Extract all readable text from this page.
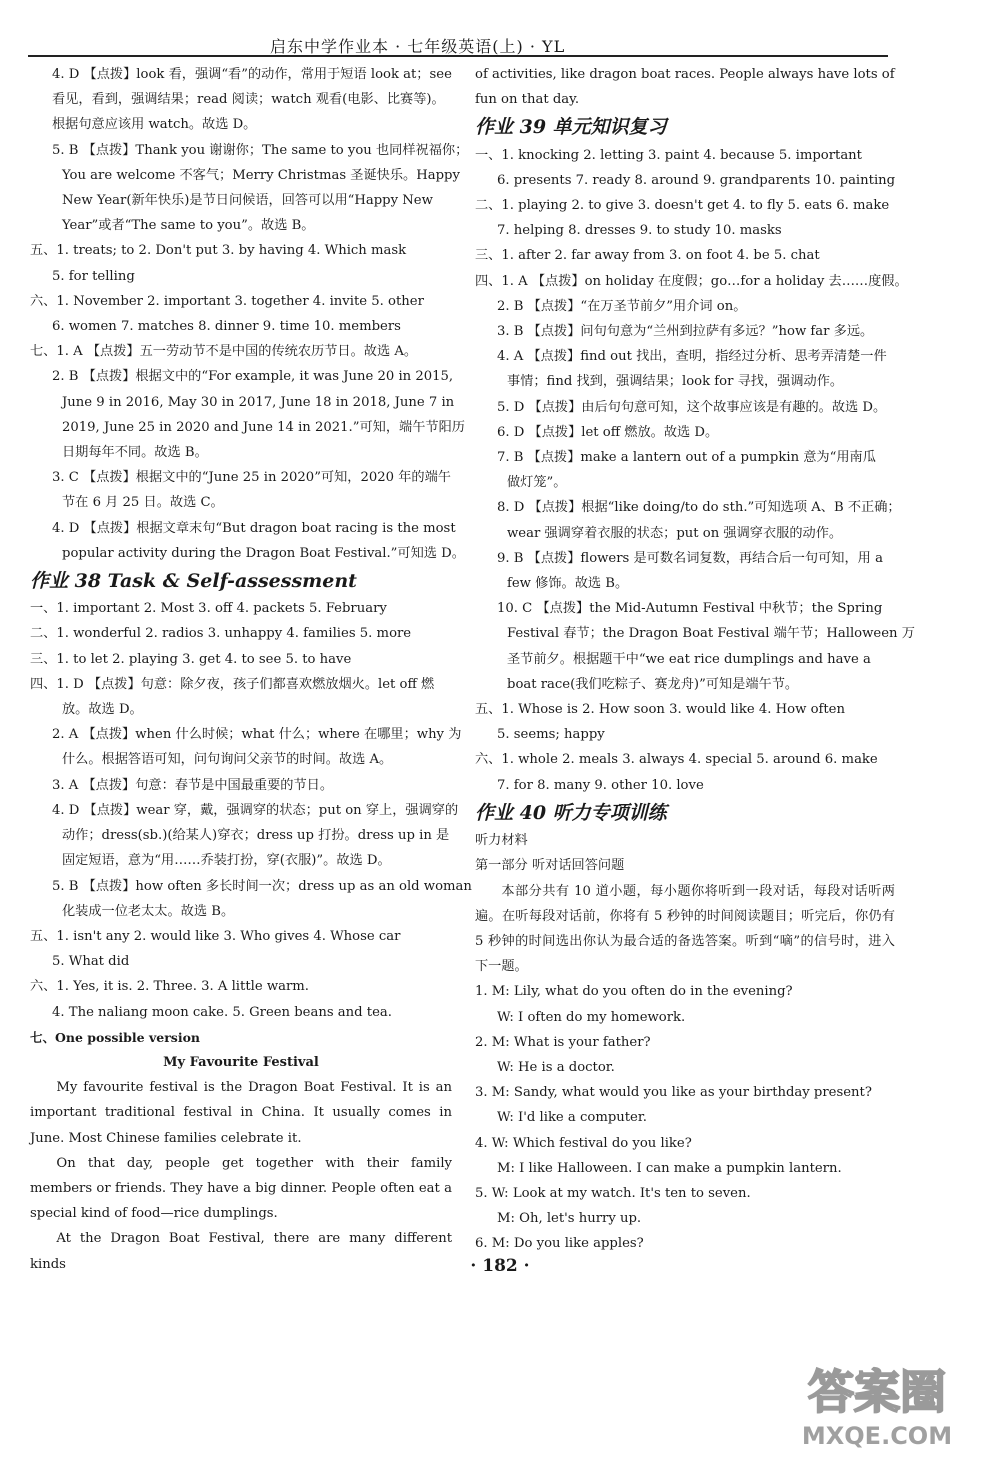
启东中学作业本 · 七年级英语(上) · YL
4. D 【点拨】look 看，强调“看”的动作，常用于短语 look at；see
看见，看到，强调结果；read 阅读；watch 观看(电影、比赛等)。
根据句意应该用 watch。故选 D。
5. B 【点拨】Thank you 谢谢你；The same to you 也同样祝福你；
You are welcome 不客气；Merry Christmas 圣诞快乐。Happy
New Year(新年快乐)是节日问候语，回答可以用“Happy New
Year”或者“The same to you”。故选 B。
五、1. treats; to 2. Don't put 3. by having 4. Which mask
5. for telling
六、1. November 2. important 3. together 4. invite 5. other
6. women 7. matches 8. dinner 9. time 10. members
七、1. A 【点拨】五一劳动节不是中国的传统农历节日。故选 A。
2. B 【点拨】根据文中的“For example, it was June 20 in 2015,
June 9 in 2016, May 30 in 2017, June 18 in 2018, June 7 in
2019, June 25 in 2020 and June 14 in 2021.”可知，端午节阳历
日期每年不同。故选 B。
3. C 【点拨】根据文中的“June 25 in 2020”可知，2020 年的端午
节在 6 月 25 日。故选 C。
4. D 【点拨】根据文章末句“But dragon boat racing is the most
popular activity during the Dragon Boat Festival.”可知选 D。
作业 38 Task & Self-assessment
一、1. important 2. Most 3. off 4. packets 5. February
二、1. wonderful 2. radios 3. unhappy 4. families 5. more
三、1. to let 2. playing 3. get 4. to see 5. to have
四、1. D 【点拨】句意：除夕夜，孩子们都喜欢燃放烟火。let off 燃
放。故选 D。
2. A 【点拨】when 什么时候；what 什么；where 在哪里；why 为
什么。根据答语可知，问句询问父亲节的时间。故选 A。
3. A 【点拨】句意：春节是中国最重要的节日。
4. D 【点拨】wear 穿，戴，强调穿的状态；put on 穿上，强调穿的
动作；dress(sb.)(给某人)穿衣；dress up 打扮。dress up in 是
固定短语，意为“用……乔装打扮，穿(衣服)”。故选 D。
5. B 【点拨】how often 多长时间一次；dress up as an old woman
化装成一位老太太。故选 B。
五、1. isn't any 2. would like 3. Who gives 4. Whose car
5. What did
六、1. Yes, it is. 2. Three. 3. A little warm.
4. The naliang moon cake. 5. Green beans and tea.
七、One possible version
My Favourite Festival
My favourite festival is the Dragon Boat Festival. It is an important traditional festival in China. It usually comes in June. Most Chinese families celebrate it.
On that day, people get together with their family members or friends. They have a big dinner. People often eat a special kind of food—rice dumplings.
At the Dragon Boat Festival, there are many different kinds
of activities, like dragon boat races. People always have lots of
fun on that day.
作业 39 单元知识复习
一、1. knocking 2. letting 3. paint 4. because 5. important
6. presents 7. ready 8. around 9. grandparents 10. painting
二、1. playing 2. to give 3. doesn't get 4. to fly 5. eats 6. make
7. helping 8. dresses 9. to study 10. masks
三、1. after 2. far away from 3. on foot 4. be 5. chat
四、1. A 【点拨】on holiday 在度假；go…for a holiday 去……度假。
2. B 【点拨】“在万圣节前夕”用介词 on。
3. B 【点拨】问句句意为“兰州到拉萨有多远？”how far 多远。
4. A 【点拨】find out 找出，查明，指经过分析、思考弄清楚一件
事情；find 找到，强调结果；look for 寻找，强调动作。
5. D 【点拨】由后句句意可知，这个故事应该是有趣的。故选 D。
6. D 【点拨】let off 燃放。故选 D。
7. B 【点拨】make a lantern out of a pumpkin 意为“用南瓜
做灯笼”。
8. D 【点拨】根据“like doing/to do sth.”可知选项 A、B 不正确；
wear 强调穿着衣服的状态；put on 强调穿衣服的动作。
9. B 【点拨】flowers 是可数名词复数，再结合后一句可知，用 a
few 修饰。故选 B。
10. C 【点拨】the Mid-Autumn Festival 中秋节；the Spring
Festival 春节；the Dragon Boat Festival 端午节；Halloween 万
圣节前夕。根据题干中“we eat rice dumplings and have a
boat race(我们吃粽子、赛龙舟)”可知是端午节。
五、1. Whose is 2. How soon 3. would like 4. How often
5. seems; happy
六、1. whole 2. meals 3. always 4. special 5. around 6. make
7. for 8. many 9. other 10. love
作业 40 听力专项训练
听力材料
第一部分 听对话回答问题
本部分共有 10 道小题，每小题你将听到一段对话，每段对话听两遍。在听每段对话前，你将有 5 秒钟的时间阅读题目；听完后，你仍有 5 秒钟的时间选出你认为最合适的备选答案。听到“嘀”的信号时，进入下一题。
1. M: Lily, what do you often do in the evening?
W: I often do my homework.
2. M: What is your father?
W: He is a doctor.
3. M: Sandy, what would you like as your birthday present?
W: I'd like a computer.
4. W: Which festival do you like?
M: I like Halloween. I can make a pumpkin lantern.
5. W: Look at my watch. It's ten to seven.
M: Oh, let's hurry up.
6. M: Do you like apples?
· 182 ·
答案圈
MXQE.COM
